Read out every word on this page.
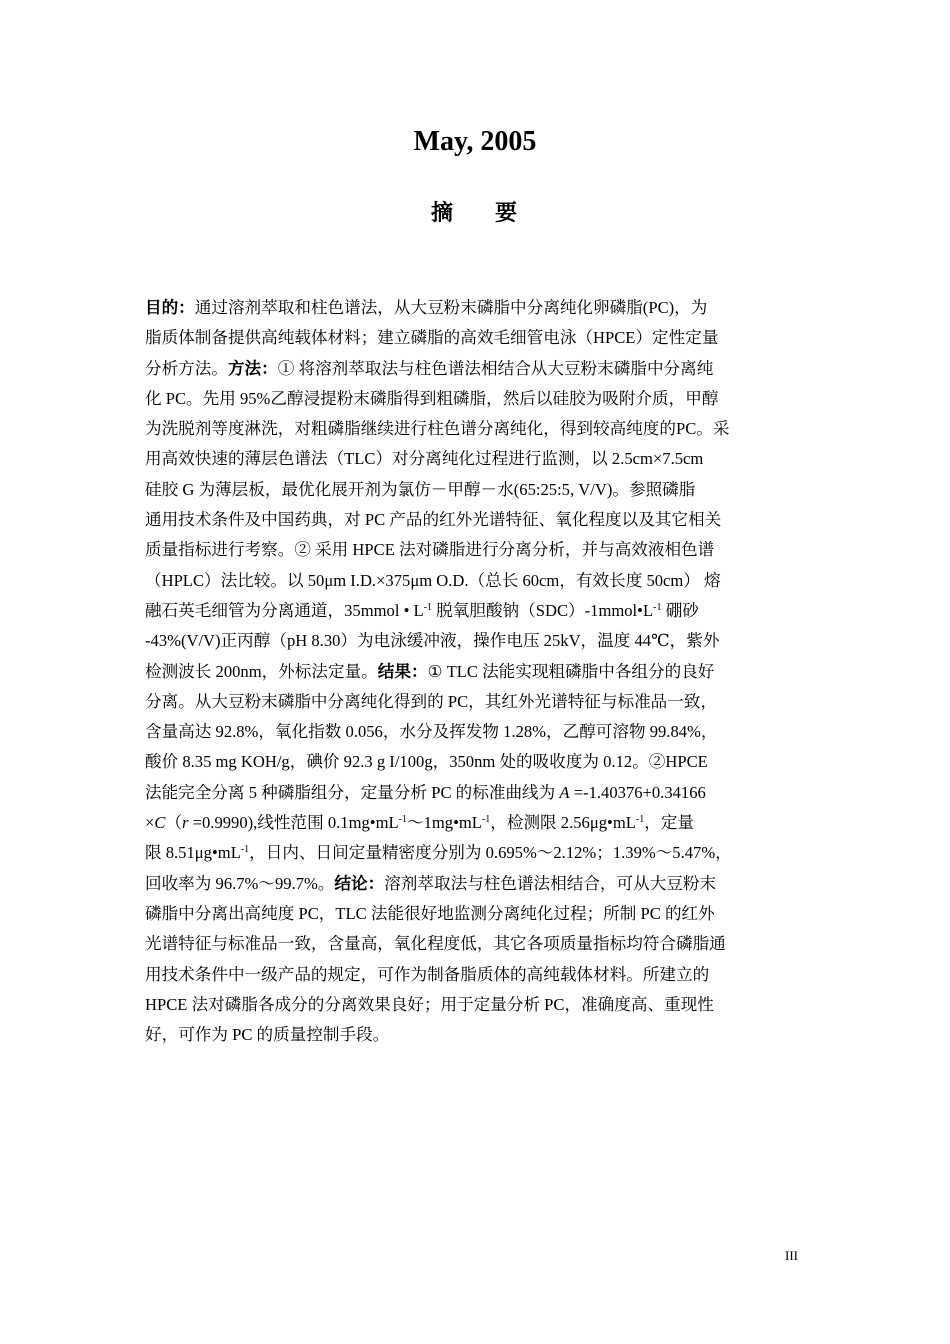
May, 2005
摘 要
目的：通过溶剂萃取和柱色谱法，从大豆粉末磷脂中分离纯化卵磷脂(PC)，为
脂质体制备提供高纯载体材料；建立磷脂的高效毛细管电泳（HPCE）定性定量
分析方法。方法：① 将溶剂萃取法与柱色谱法相结合从大豆粉末磷脂中分离纯
化 PC。先用 95%乙醇浸提粉末磷脂得到粗磷脂，然后以硅胶为吸附介质，甲醇
为洗脱剂等度淋洗，对粗磷脂继续进行柱色谱分离纯化，得到较高纯度的PC。采
用高效快速的薄层色谱法（TLC）对分离纯化过程进行监测，以 2.5cm×7.5cm
硅胶 G 为薄层板，最优化展开剂为氯仿－甲醇－水(65:25:5, V/V)。参照磷脂
通用技术条件及中国药典，对 PC 产品的红外光谱特征、氧化程度以及其它相关
质量指标进行考察。② 采用 HPCE 法对磷脂进行分离分析，并与高效液相色谱
（HPLC）法比较。以 50μm I.D.×375μm O.D.（总长 60cm，有效长度 50cm） 熔
融石英毛细管为分离通道，35mmol • $L^{-1}$ 脱氧胆酸钠$(SDC)-1mmol•L^{-1}$ 硼砂
-43%(V/V)正丙醇（pH 8.30）为电泳缓冲液，操作电压 25kV，温度 44℃，紫外
检测波长 200nm，外标法定量。结果：① TLC 法能实现粗磷脂中各组分的良好
分离。从大豆粉末磷脂中分离纯化得到的 PC，其红外光谱特征与标准品一致，
含量高达 92.8%，氧化指数 0.056，水分及挥发物 1.28%，乙醇可溶物 99.84%，
酸价 8.35 mg KOH/g，碘价 92.3 g I/100g，350nm 处的吸收度为 0.12。②HPCE
法能完全分离 5 种磷脂组分，定量分析 PC 的标准曲线为 A =-1.40376+0.34166
×C（r =0.9990),线性范围 $0.1mg•mL^{-1}\sim 1mg•mL^{-1}$，检测限 $2.56\mu g•mL^{-1}$，定量
限 $8.51\mu g•mL^{-1}$，日内、日间定量精密度分别为 0.695%～2.12%；1.39%～5.47%，
回收率为 96.7%～99.7%。结论：溶剂萃取法与柱色谱法相结合，可从大豆粉末
磷脂中分离出高纯度 PC，TLC 法能很好地监测分离纯化过程；所制 PC 的红外
光谱特征与标准品一致，含量高，氧化程度低，其它各项质量指标均符合磷脂通
用技术条件中一级产品的规定，可作为制备脂质体的高纯载体材料。所建立的
HPCE 法对磷脂各成分的分离效果良好；用于定量分析 PC，准确度高、重现性
好，可作为 PC 的质量控制手段。
III
